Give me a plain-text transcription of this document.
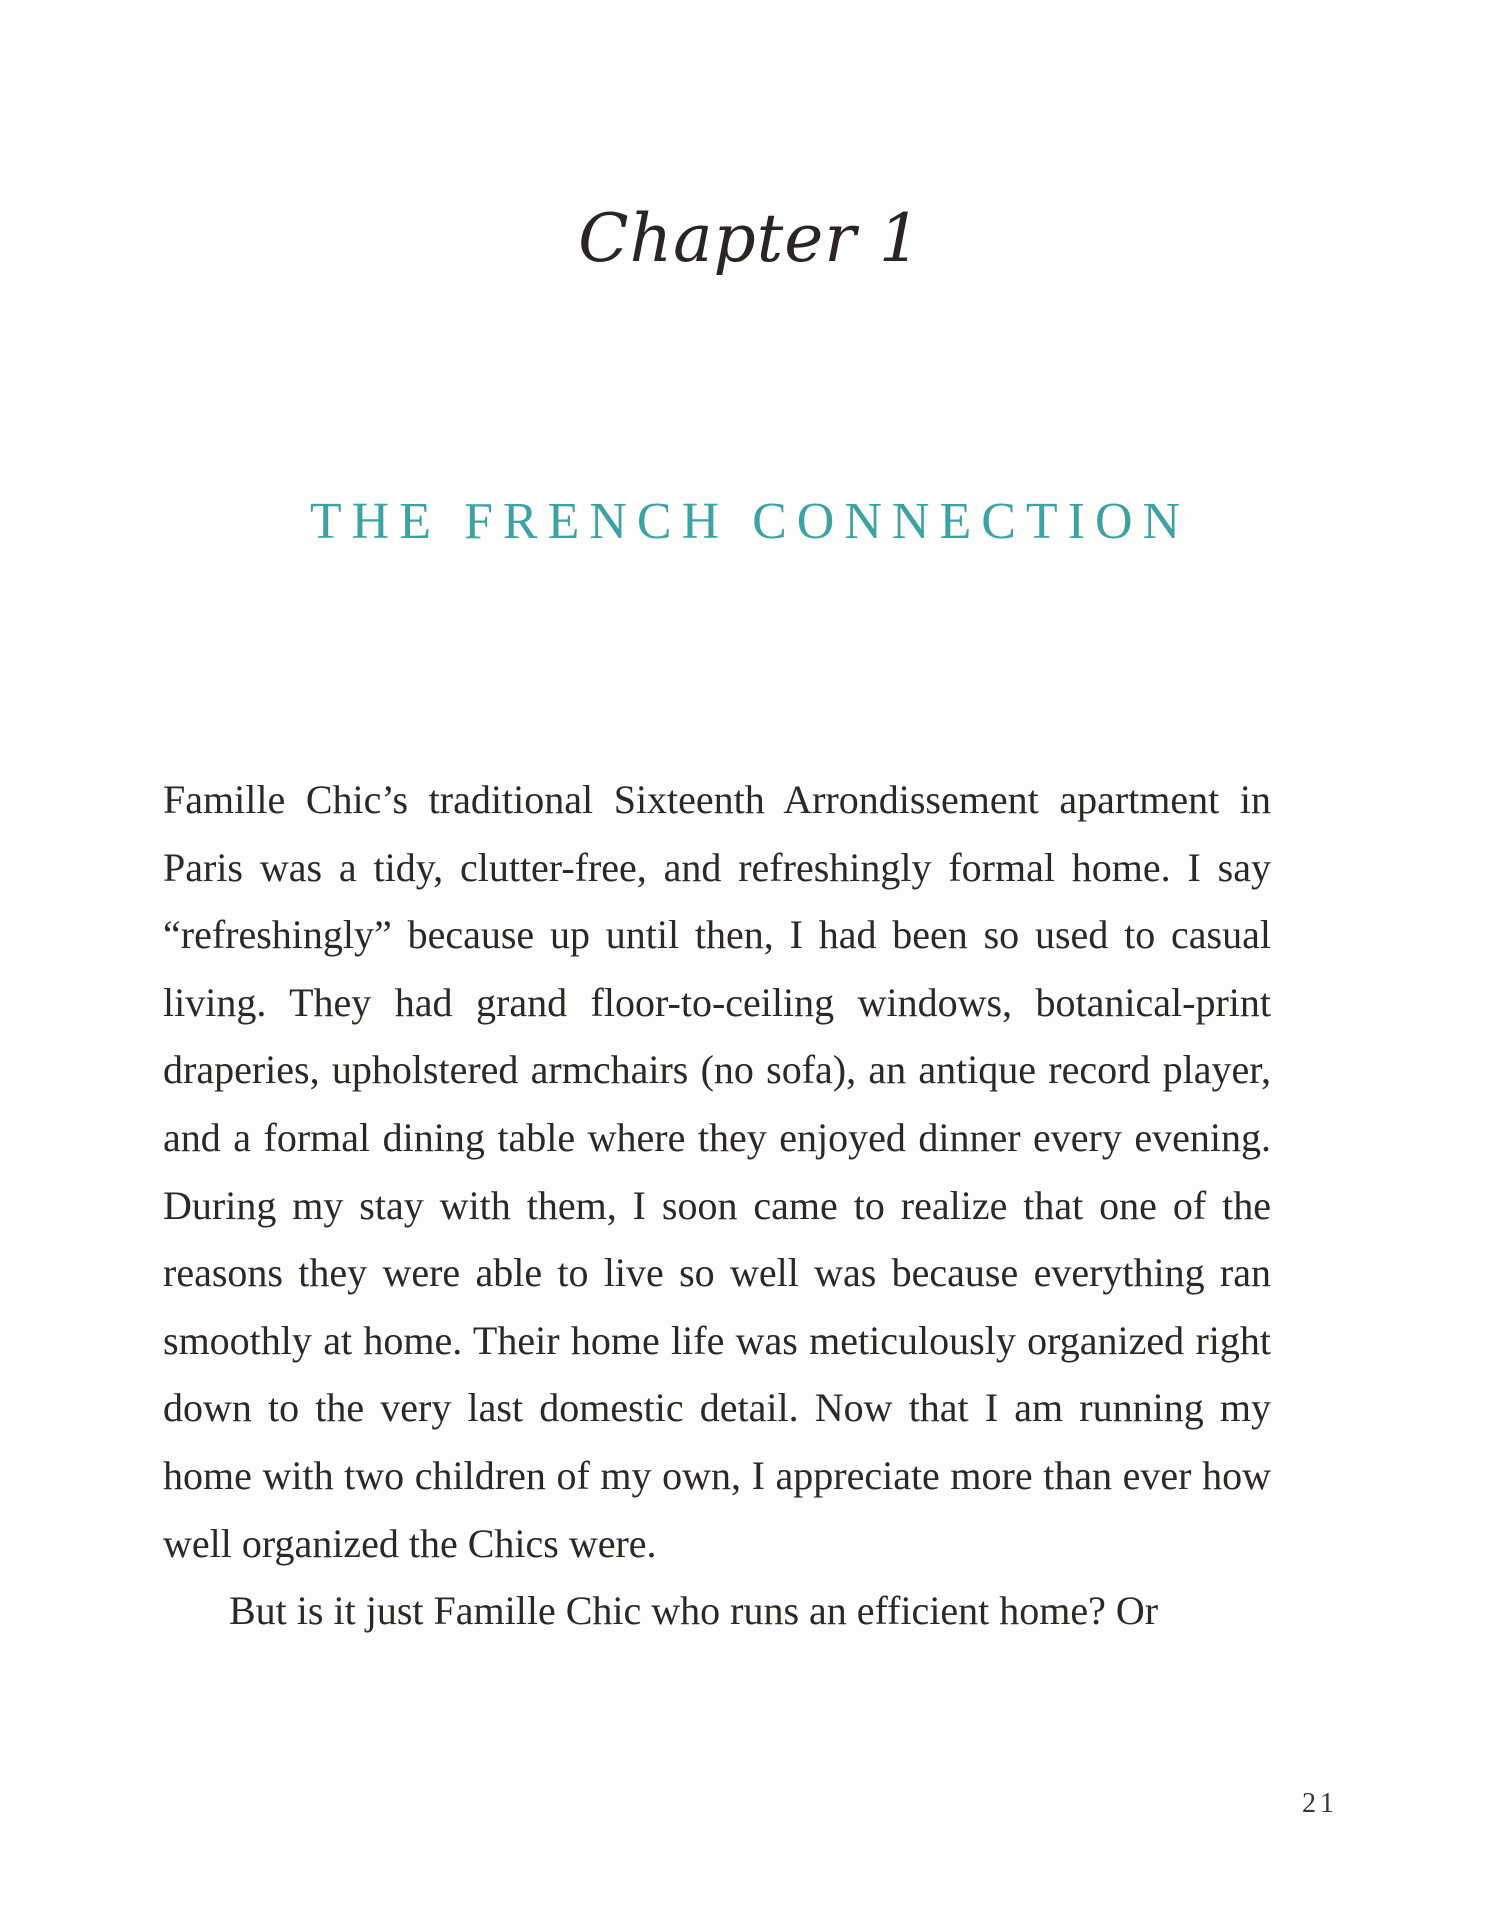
Chapter 1
THE FRENCH CONNECTION

Famille Chic’s traditional Sixteenth Arrondissement apartment in Paris was a tidy, clutter-free, and refreshingly formal home. I say “refreshingly” because up until then, I had been so used to casual living. They had grand floor-to-ceiling windows, botanical-print draperies, upholstered armchairs (no sofa), an antique record player, and a formal dining table where they enjoyed dinner every evening. During my stay with them, I soon came to realize that one of the reasons they were able to live so well was because everything ran smoothly at home. Their home life was meticulously organized right down to the very last domestic detail. Now that I am running my home with two children of my own, I appreciate more than ever how well organized the Chics were.

But is it just Famille Chic who runs an efficient home? Or

21
